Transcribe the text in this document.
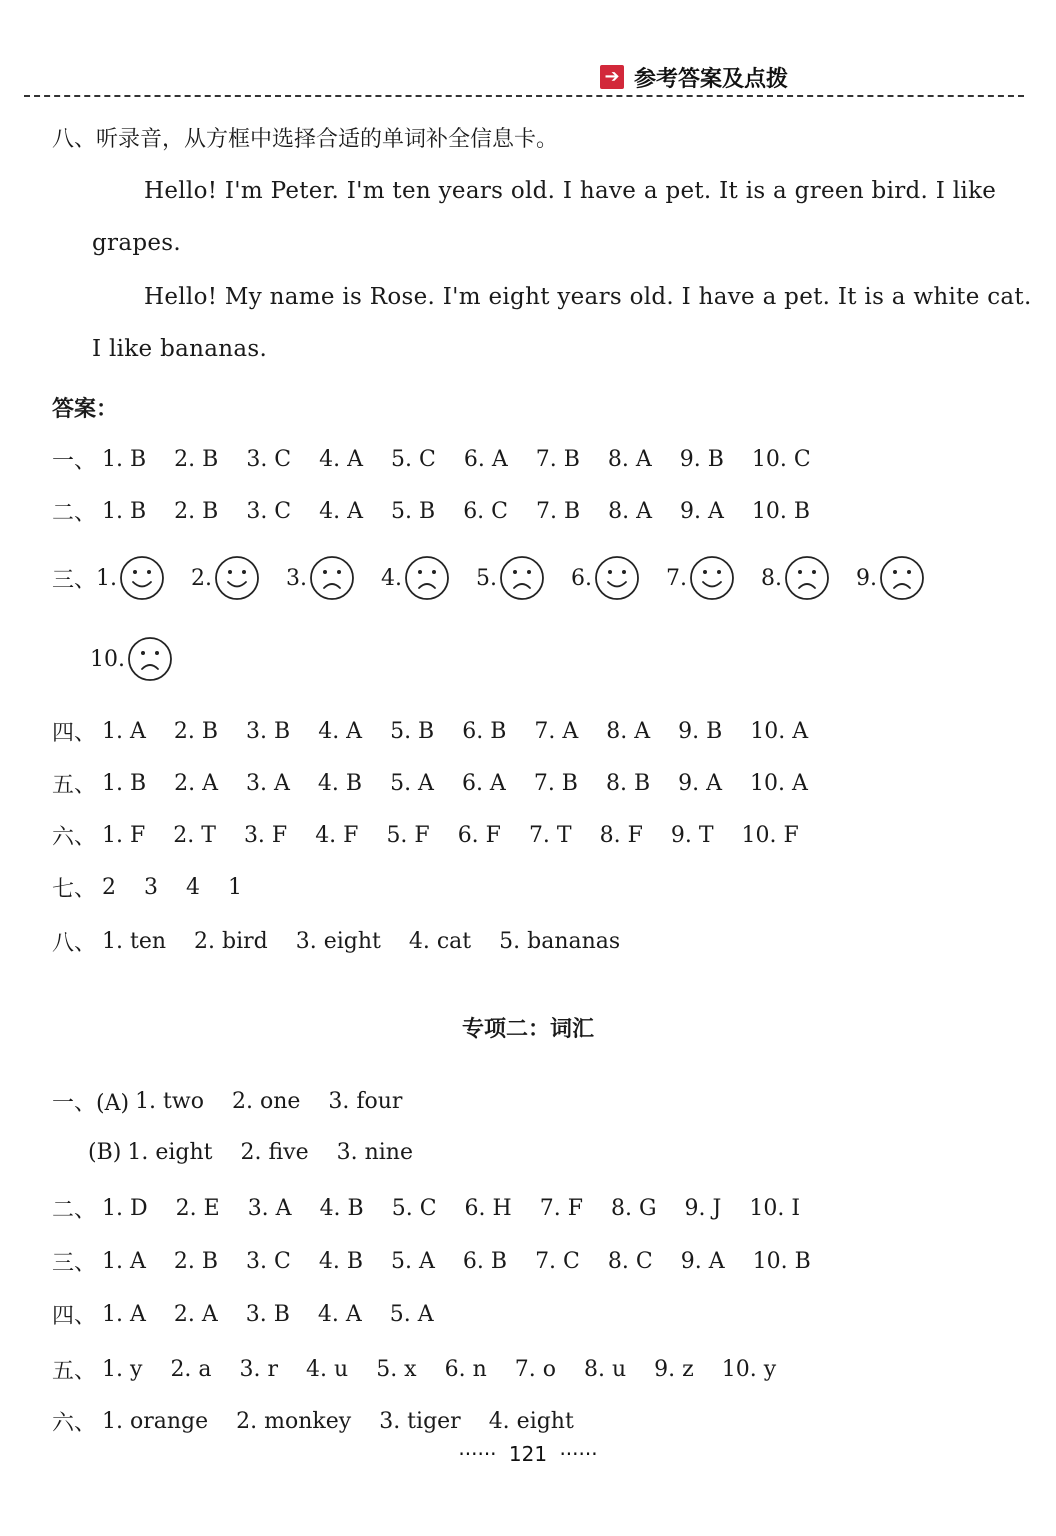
➔ 参考答案及点拨
八、听录音，从方框中选择合适的单词补全信息卡。
Hello! I'm Peter. I'm ten years old. I have a pet. It is a green bird. I like
grapes.
Hello! My name is Rose. I'm eight years old. I have a pet. It is a white cat.
I like bananas.
答案：
一、 1. B 2. B 3. C 4. A 5. C 6. A 7. B 8. A 9. B 10. C
二、 1. B 2. B 3. C 4. A 5. B 6. C 7. B 8. A 9. A 10. B
三、 1.	2.	3.	4.	5.	6.	7.	8.	9.
10.
四、 1. A 2. B 3. B 4. A 5. B 6. B 7. A 8. A 9. B 10. A
五、 1. B 2. A 3. A 4. B 5. A 6. A 7. B 8. B 9. A 10. A
六、 1. F 2. T 3. F 4. F 5. F 6. F 7. T 8. F 9. T 10. F
七、 2 3 4 1
八、 1. ten 2. bird 3. eight 4. cat 5. bananas
专项二：词汇
一、(A) 1. two 2. one 3. four
(B) 1. eight 2. five 3. nine
二、 1. D 2. E 3. A 4. B 5. C 6. H 7. F 8. G 9. J 10. I
三、 1. A 2. B 3. C 4. B 5. A 6. B 7. C 8. C 9. A 10. B
四、 1. A 2. A 3. B 4. A 5. A
五、 1. y 2. a 3. r 4. u 5. x 6. n 7. o 8. u 9. z 10. y
六、 1. orange 2. monkey 3. tiger 4. eight
······ 121 ······
